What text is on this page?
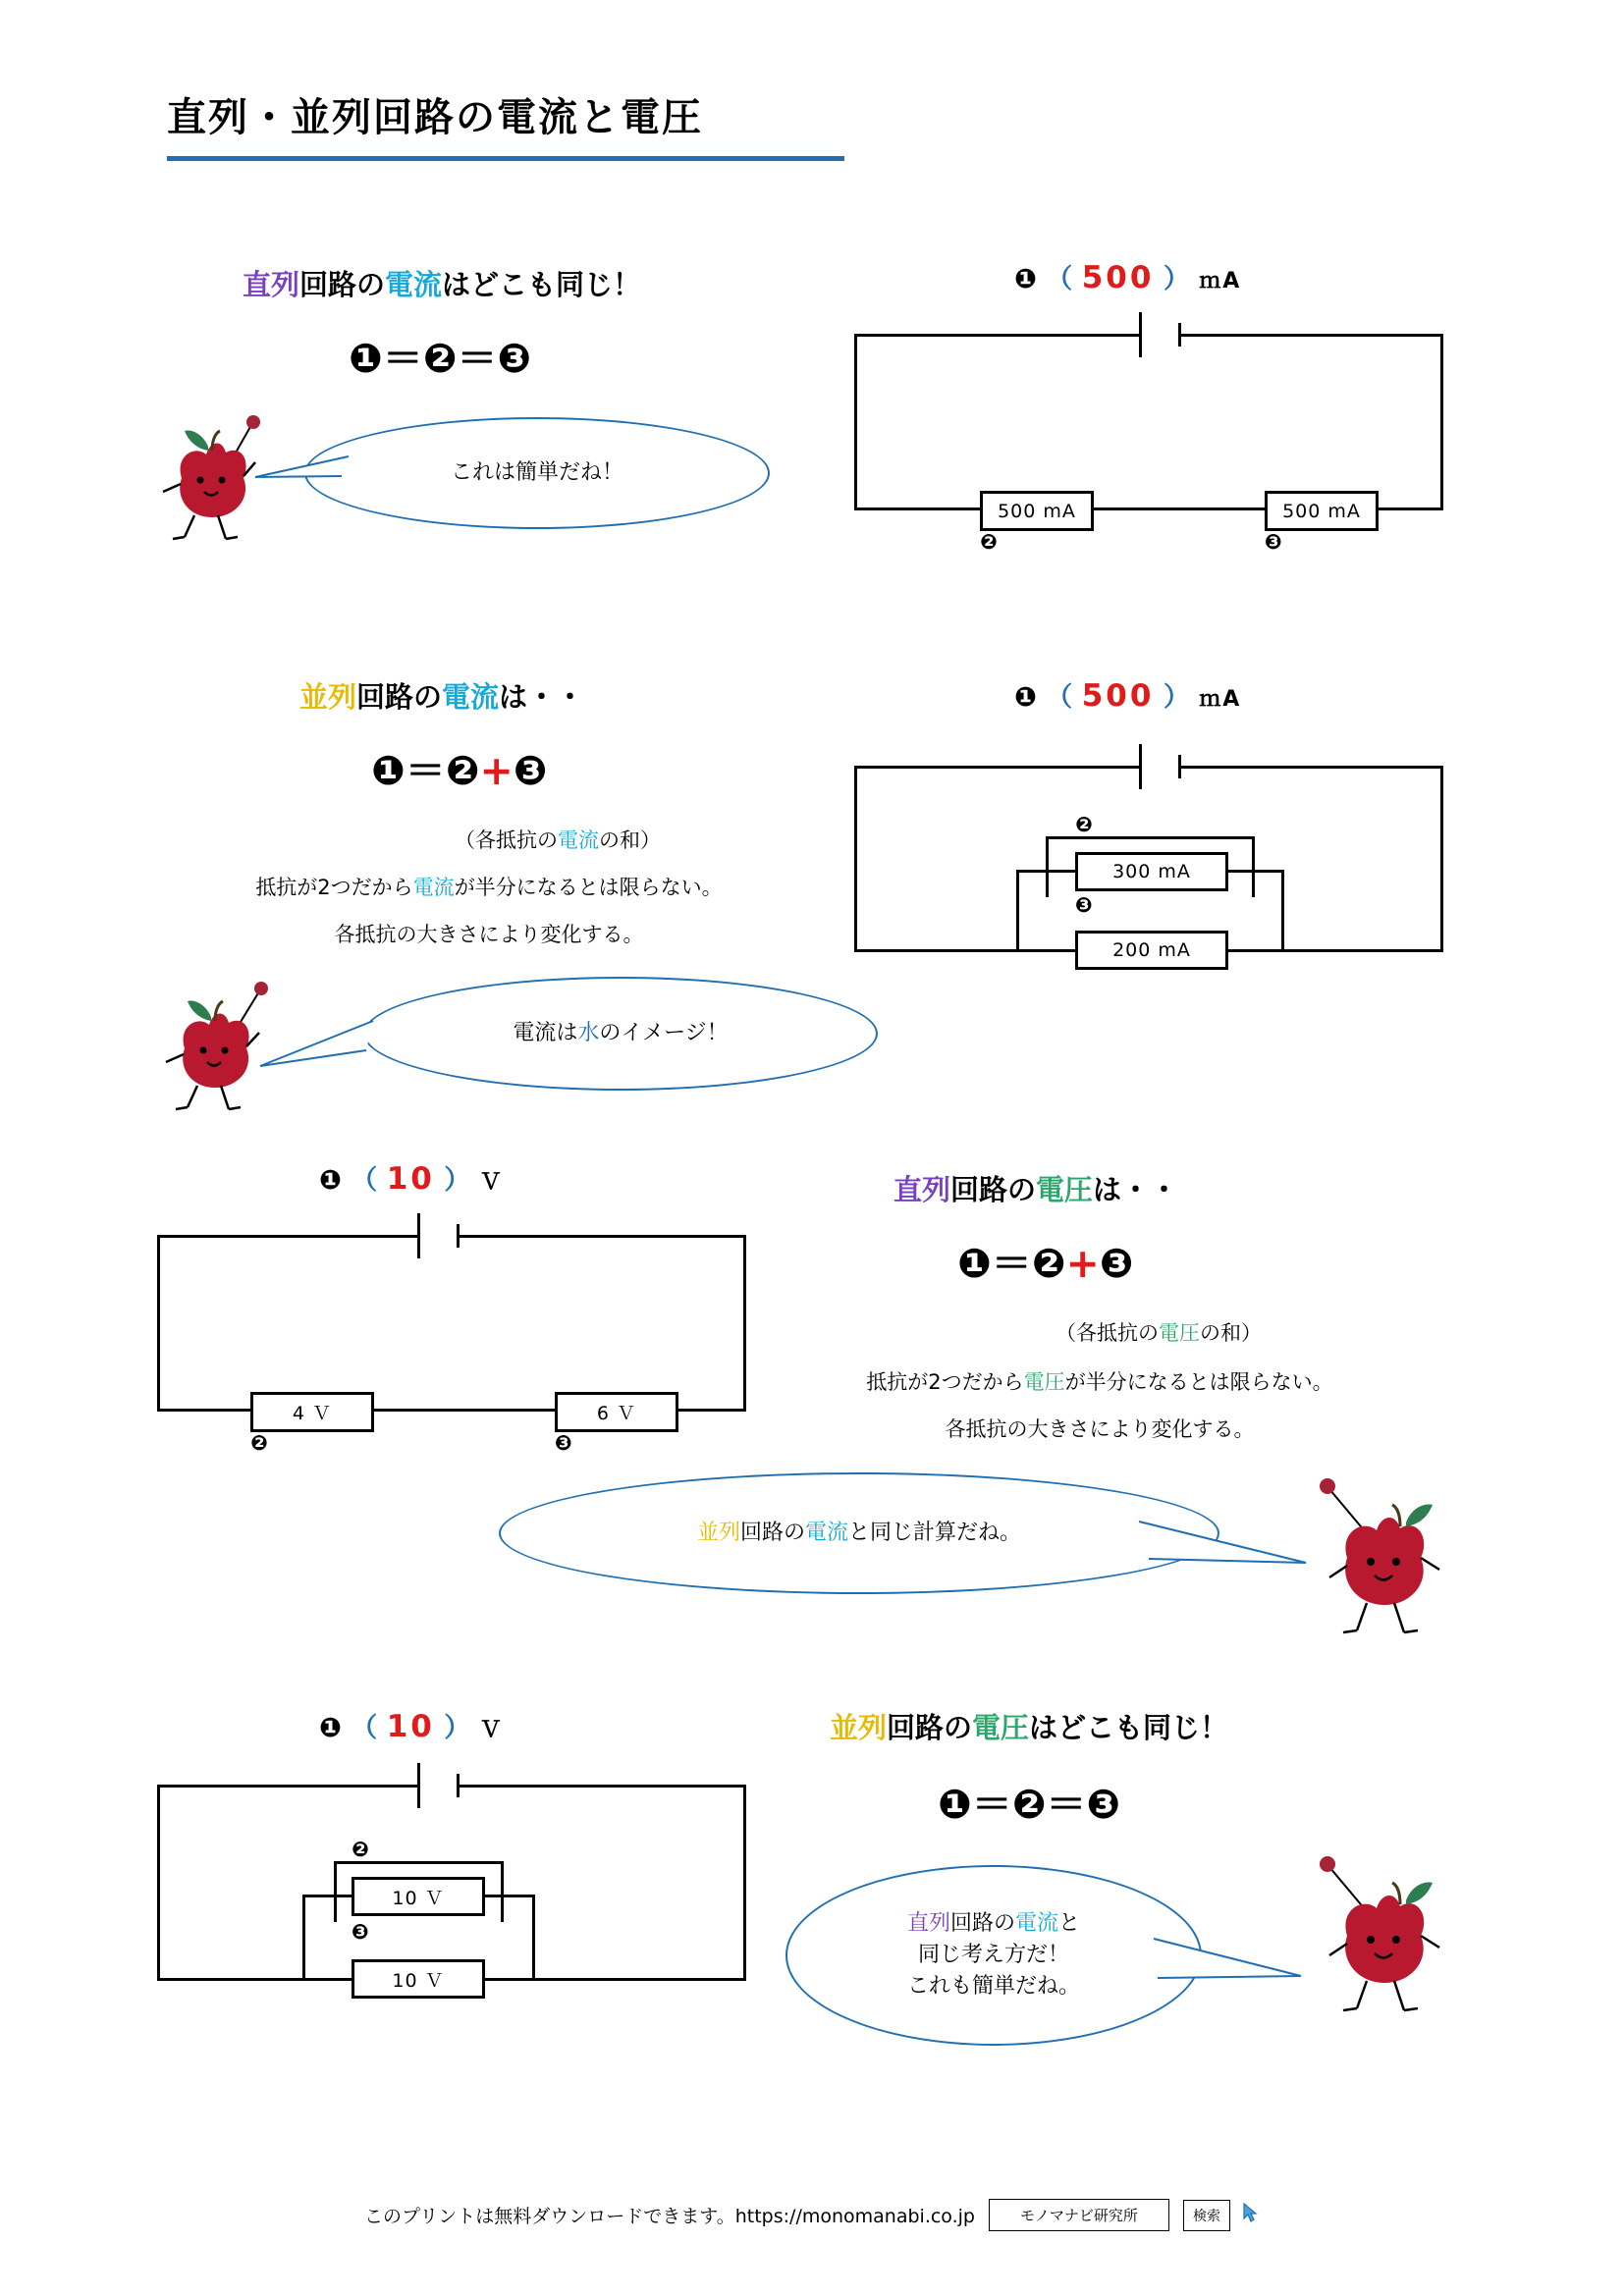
直列・並列回路の電流と電圧
直列回路の電流はどこも同じ！
❶＝❷＝❸
これは簡単だね！
❶ （ 500 ） ｍA
500 mA	500 mA
❷	❸
並列回路の電流は・・
❶＝❷+❸
（各抵抗の電流の和）
抵抗が2つだから電流が半分になるとは限らない。
各抵抗の大きさにより変化する。
電流は水のイメージ！
❶ （ 500 ） ｍA
300 mA
200 mA
❷
❸
❶ （ 10 ） Ｖ
4 Ｖ	6 Ｖ
❷	❸
直列回路の電圧は・・
❶＝❷+❸
（各抵抗の電圧の和）
抵抗が2つだから電圧が半分になるとは限らない。
各抵抗の大きさにより変化する。
並列回路の電流と同じ計算だね。
❶ （ 10 ） Ｖ
10 Ｖ
10 Ｖ
❷
❸
並列回路の電圧はどこも同じ！
❶＝❷＝❸
直列回路の電流と
同じ考え方だ！
これも簡単だね。
このプリントは無料ダウンロードできます。https://monomanabi.co.jp	モノマナビ研究所	検索
